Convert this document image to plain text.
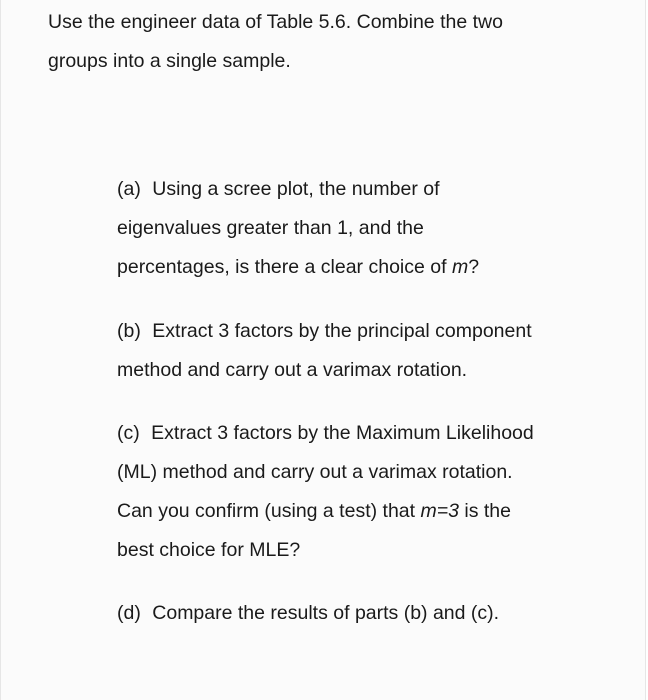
Use the engineer data of Table 5.6. Combine the two
groups into a single sample.

(a) Using a scree plot, the number of
eigenvalues greater than 1, and the
percentages, is there a clear choice of m?

(b) Extract 3 factors by the principal component
method and carry out a varimax rotation.

(c) Extract 3 factors by the Maximum Likelihood
(ML) method and carry out a varimax rotation.
Can you confirm (using a test) that m=3 is the
best choice for MLE?

(d) Compare the results of parts (b) and (c).
